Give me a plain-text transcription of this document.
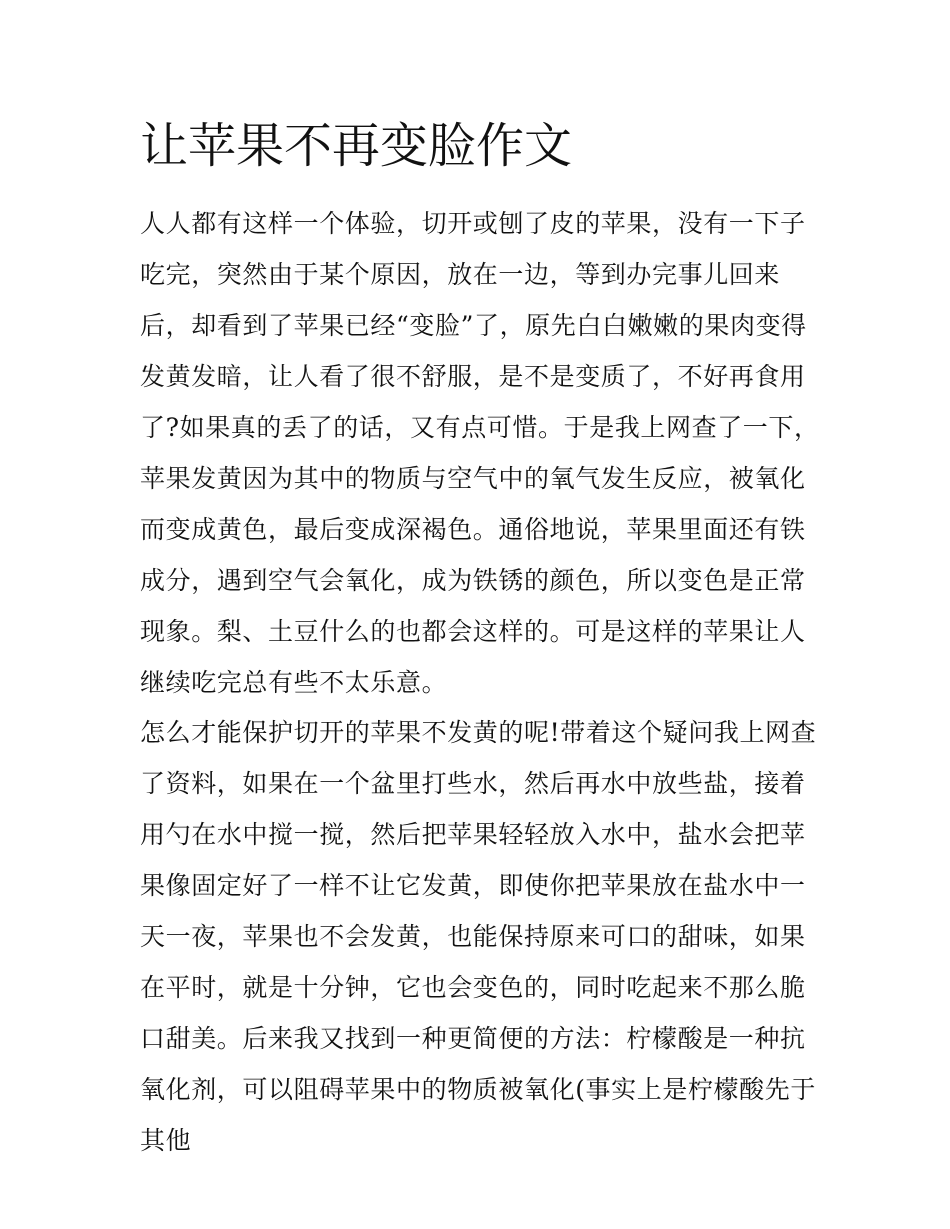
让苹果不再变脸作文

人人都有这样一个体验，切开或刨了皮的苹果，没有一下子吃完，突然由于某个原因，放在一边，等到办完事儿回来后，却看到了苹果已经“变脸”了，原先白白嫩嫩的果肉变得发黄发暗，让人看了很不舒服，是不是变质了，不好再食用了?如果真的丢了的话，又有点可惜。于是我上网查了一下，苹果发黄因为其中的物质与空气中的氧气发生反应，被氧化而变成黄色，最后变成深褐色。通俗地说，苹果里面还有铁成分，遇到空气会氧化，成为铁锈的颜色，所以变色是正常现象。梨、土豆什么的也都会这样的。可是这样的苹果让人继续吃完总有些不太乐意。

怎么才能保护切开的苹果不发黄的呢!带着这个疑问我上网查了资料，如果在一个盆里打些水，然后再水中放些盐，接着用勺在水中搅一搅，然后把苹果轻轻放入水中，盐水会把苹果像固定好了一样不让它发黄，即使你把苹果放在盐水中一天一夜，苹果也不会发黄，也能保持原来可口的甜味，如果在平时，就是十分钟，它也会变色的，同时吃起来不那么脆口甜美。后来我又找到一种更简便的方法：柠檬酸是一种抗氧化剂，可以阻碍苹果中的物质被氧化(事实上是柠檬酸先于其他
